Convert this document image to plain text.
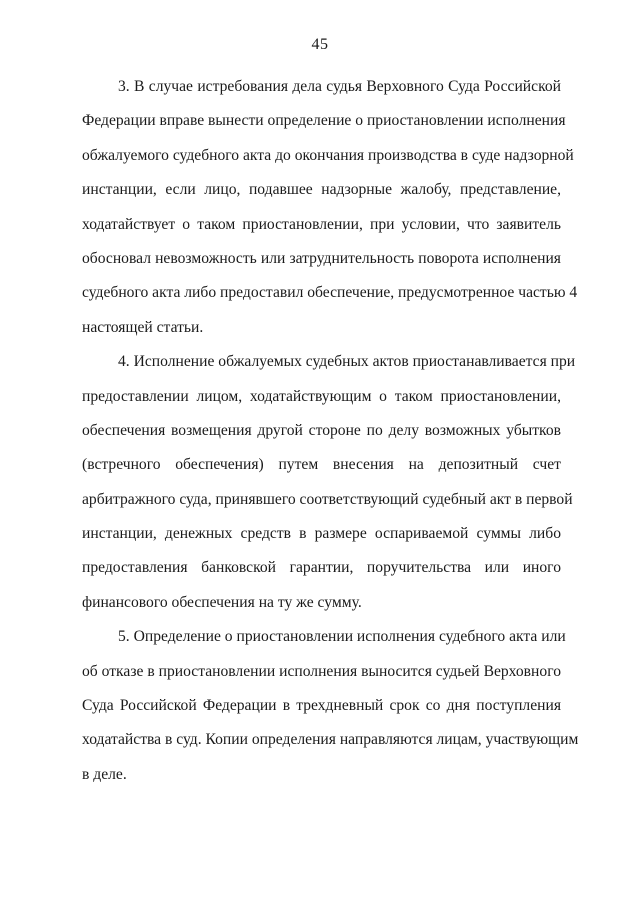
45
3. В случае истребования дела судья Верховного Суда Российской
Федерации вправе вынести определение о приостановлении исполнения
обжалуемого судебного акта до окончания производства в суде надзорной
инстанции, если лицо, подавшее надзорные жалобу, представление,
ходатайствует о таком приостановлении, при условии, что заявитель
обосновал невозможность или затруднительность поворота исполнения
судебного акта либо предоставил обеспечение, предусмотренное частью 4
настоящей статьи.
4. Исполнение обжалуемых судебных актов приостанавливается при
предоставлении лицом, ходатайствующим о таком приостановлении,
обеспечения возмещения другой стороне по делу возможных убытков
(встречного обеспечения) путем внесения на депозитный счет
арбитражного суда, принявшего соответствующий судебный акт в первой
инстанции, денежных средств в размере оспариваемой суммы либо
предоставления банковской гарантии, поручительства или иного
финансового обеспечения на ту же сумму.
5. Определение о приостановлении исполнения судебного акта или
об отказе в приостановлении исполнения выносится судьей Верховного
Суда Российской Федерации в трехдневный срок со дня поступления
ходатайства в суд. Копии определения направляются лицам, участвующим
в деле.
